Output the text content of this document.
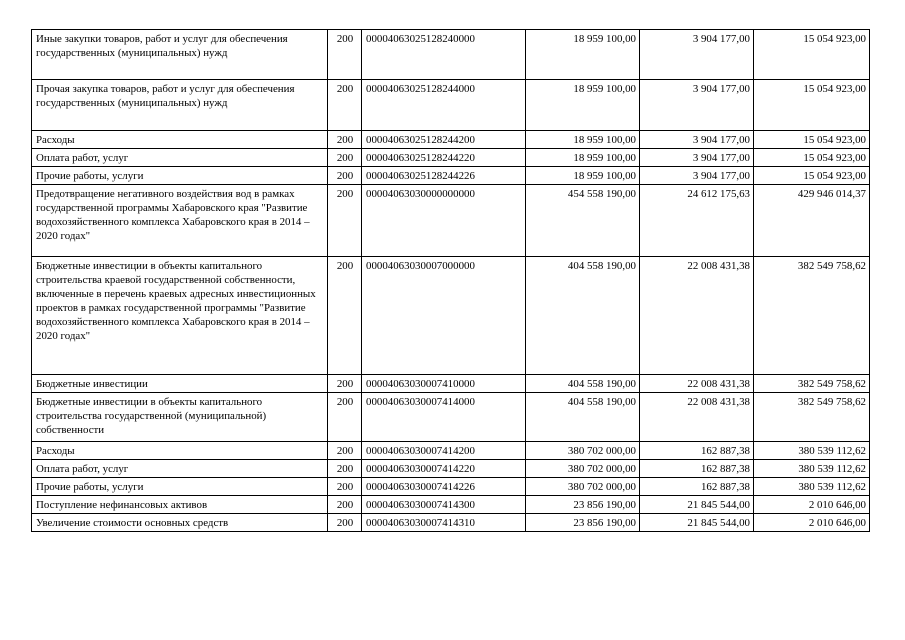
Иные закупки товаров, работ и услуг для обеспечения государственных (муниципальных) нужд	200	00004063025128240000	18 959 100,00	3 904 177,00	15 054 923,00
Прочая закупка товаров, работ и услуг для обеспечения государственных (муниципальных) нужд	200	00004063025128244000	18 959 100,00	3 904 177,00	15 054 923,00
Расходы	200	00004063025128244200	18 959 100,00	3 904 177,00	15 054 923,00
Оплата работ, услуг	200	00004063025128244220	18 959 100,00	3 904 177,00	15 054 923,00
Прочие работы, услуги	200	00004063025128244226	18 959 100,00	3 904 177,00	15 054 923,00
Предотвращение негативного воздействия вод в рамках государственной программы Хабаровского края "Развитие водохозяйственного комплекса Хабаровского края в 2014 – 2020 годах"	200	00004063030000000000	454 558 190,00	24 612 175,63	429 946 014,37
Бюджетные инвестиции в объекты капитального строительства краевой государственной собственности, включенные в перечень краевых адресных инвестиционных проектов в рамках государственной программы "Развитие водохозяйственного комплекса Хабаровского края в 2014 – 2020 годах"	200	00004063030007000000	404 558 190,00	22 008 431,38	382 549 758,62
Бюджетные инвестиции	200	00004063030007410000	404 558 190,00	22 008 431,38	382 549 758,62
Бюджетные инвестиции в объекты капитального строительства государственной (муниципальной) собственности	200	00004063030007414000	404 558 190,00	22 008 431,38	382 549 758,62
Расходы	200	00004063030007414200	380 702 000,00	162 887,38	380 539 112,62
Оплата работ, услуг	200	00004063030007414220	380 702 000,00	162 887,38	380 539 112,62
Прочие работы, услуги	200	00004063030007414226	380 702 000,00	162 887,38	380 539 112,62
Поступление нефинансовых активов	200	00004063030007414300	23 856 190,00	21 845 544,00	2 010 646,00
Увеличение стоимости основных средств	200	00004063030007414310	23 856 190,00	21 845 544,00	2 010 646,00
